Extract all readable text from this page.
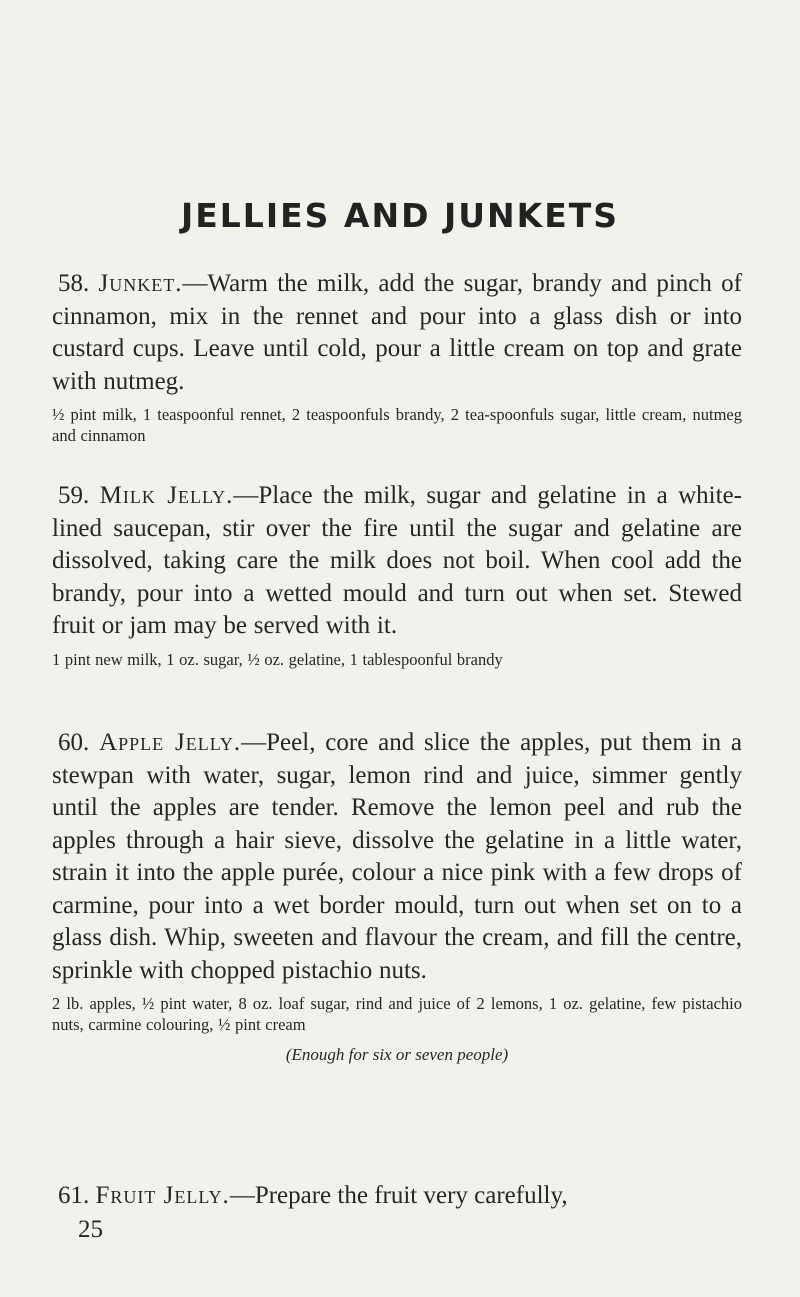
JELLIES AND JUNKETS

58. Junket.—Warm the milk, add the sugar, brandy and pinch of cinnamon, mix in the rennet and pour into a glass dish or into custard cups. Leave until cold, pour a little cream on top and grate with nutmeg.

½ pint milk, 1 teaspoonful rennet, 2 teaspoonfuls brandy, 2 tea-spoonfuls sugar, little cream, nutmeg and cinnamon

59. Milk Jelly.—Place the milk, sugar and gelatine in a white-lined saucepan, stir over the fire until the sugar and gelatine are dissolved, taking care the milk does not boil. When cool add the brandy, pour into a wetted mould and turn out when set. Stewed fruit or jam may be served with it.

1 pint new milk, 1 oz. sugar, ½ oz. gelatine, 1 tablespoonful brandy

60. Apple Jelly.—Peel, core and slice the apples, put them in a stewpan with water, sugar, lemon rind and juice, simmer gently until the apples are tender. Remove the lemon peel and rub the apples through a hair sieve, dissolve the gelatine in a little water, strain it into the apple purée, colour a nice pink with a few drops of carmine, pour into a wet border mould, turn out when set on to a glass dish. Whip, sweeten and flavour the cream, and fill the centre, sprinkle with chopped pistachio nuts.

2 lb. apples, ½ pint water, 8 oz. loaf sugar, rind and juice of 2 lemons, 1 oz. gelatine, few pistachio nuts, carmine colouring, ½ pint cream

(Enough for six or seven people)

61. Fruit Jelly.—Prepare the fruit very carefully,

25
